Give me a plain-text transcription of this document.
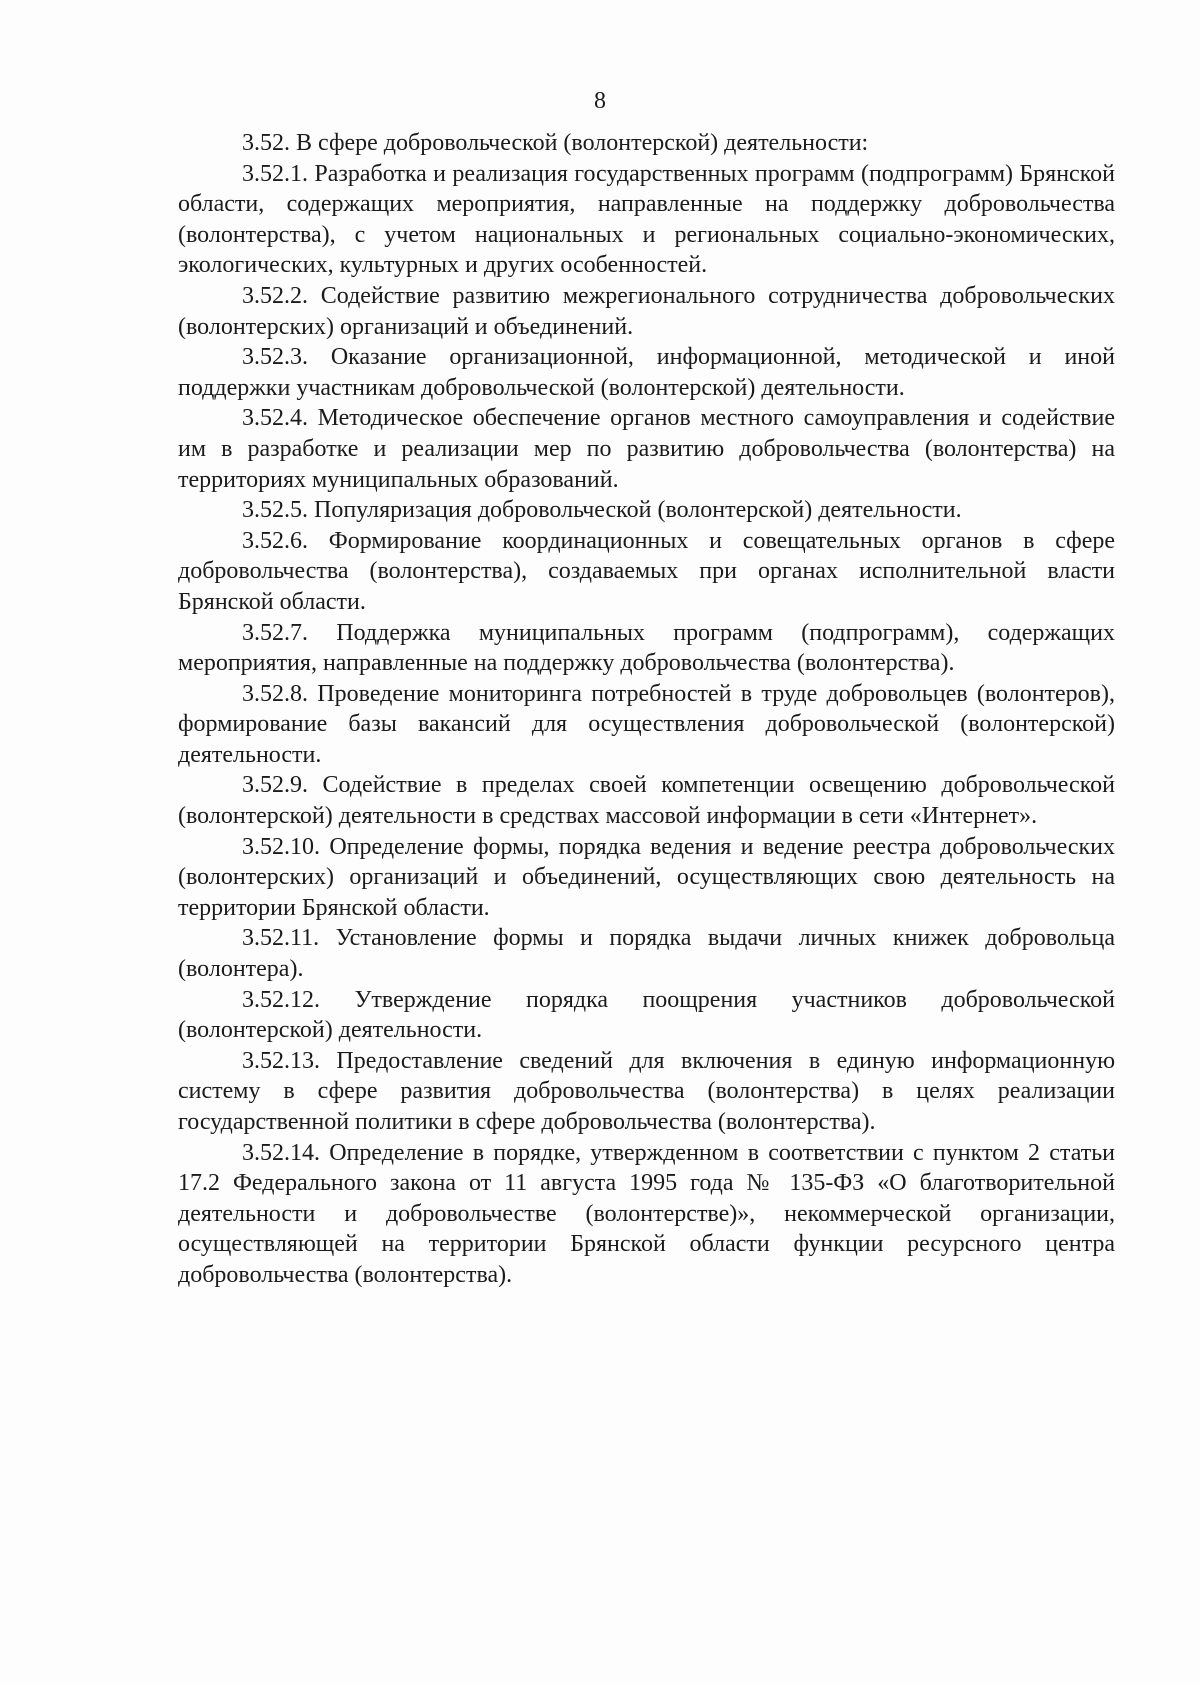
8

3.52. В сфере добровольческой (волонтерской) деятельности:

3.52.1. Разработка и реализация государственных программ (подпрограмм) Брянской области, содержащих мероприятия, направленные на поддержку добровольчества (волонтерства), с учетом национальных и региональных социально-экономических, экологических, культурных и других особенностей.

3.52.2. Содействие развитию межрегионального сотрудничества добровольческих (волонтерских) организаций и объединений.

3.52.3. Оказание организационной, информационной, методической и иной поддержки участникам добровольческой (волонтерской) деятельности.

3.52.4. Методическое обеспечение органов местного самоуправления и содействие им в разработке и реализации мер по развитию добровольчества (волонтерства) на территориях муниципальных образований.

3.52.5. Популяризация добровольческой (волонтерской) деятельности.

3.52.6. Формирование координационных и совещательных органов в сфере добровольчества (волонтерства), создаваемых при органах исполнительной власти Брянской области.

3.52.7. Поддержка муниципальных программ (подпрограмм), содержащих мероприятия, направленные на поддержку добровольчества (волонтерства).

3.52.8. Проведение мониторинга потребностей в труде добровольцев (волонтеров), формирование базы вакансий для осуществления добровольческой (волонтерской) деятельности.

3.52.9. Содействие в пределах своей компетенции освещению добровольческой (волонтерской) деятельности в средствах массовой информации в сети «Интернет».

3.52.10. Определение формы, порядка ведения и ведение реестра добровольческих (волонтерских) организаций и объединений, осуществляющих свою деятельность на территории Брянской области.

3.52.11. Установление формы и порядка выдачи личных книжек добровольца (волонтера).

3.52.12. Утверждение порядка поощрения участников добровольческой (волонтерской) деятельности.

3.52.13. Предоставление сведений для включения в единую информационную систему в сфере развития добровольчества (волонтерства) в целях реализации государственной политики в сфере добровольчества (волонтерства).

3.52.14. Определение в порядке, утвержденном в соответствии с пунктом 2 статьи 17.2 Федерального закона от 11 августа 1995 года № 135-ФЗ «О благотворительной деятельности и добровольчестве (волонтерстве)», некоммерческой организации, осуществляющей на территории Брянской области функции ресурсного центра добровольчества (волонтерства).
